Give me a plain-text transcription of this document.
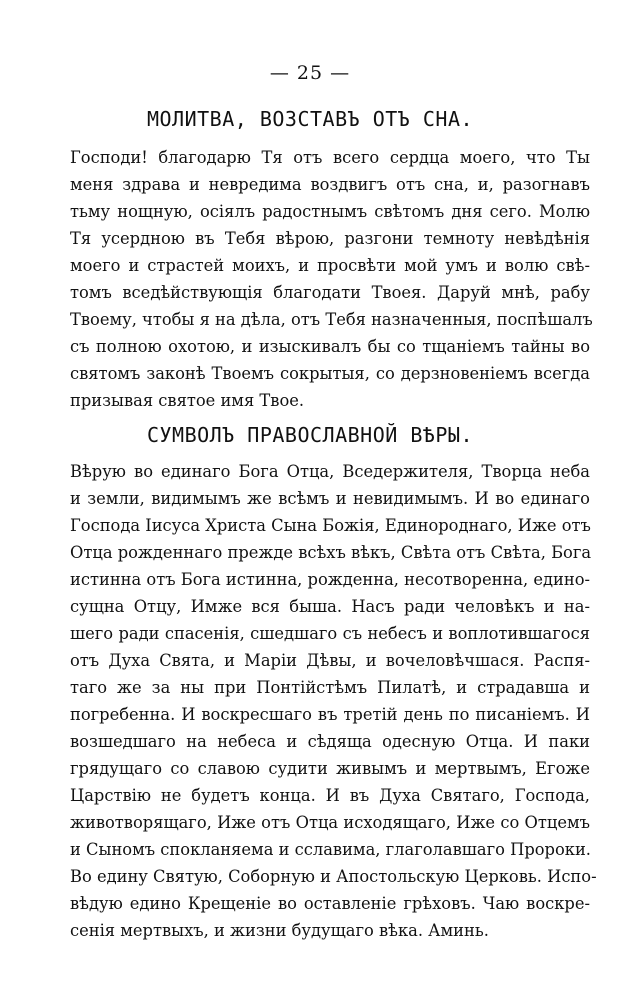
— 25 —
МОЛИТВА, ВОЗСТАВЪ ОТЪ СНА.
Господи! благодарю Тя отъ всего сердца моего, что Ты
меня здрава и невредима воздвигъ отъ сна, и, разогнавъ
тьму нощную, осіялъ радостнымъ свѣтомъ дня сего. Молю
Тя усердною въ Тебя вѣрою, разгони темноту невѣдѣнія
моего и страстей моихъ, и просвѣти мой умъ и волю свѣ-
томъ вседѣйствующія благодати Твоея. Даруй мнѣ, рабу
Твоему, чтобы я на дѣла, отъ Тебя назначенныя, поспѣшалъ
съ полною охотою, и изыскивалъ бы со тщаніемъ тайны во
святомъ законѣ Твоемъ сокрытыя, со дерзновеніемъ всегда
призывая святое имя Твое.
СУМВОЛЪ ПРАВОСЛАВНОЙ ВѢРЫ.
Вѣрую во единаго Бога Отца, Вседержителя, Творца неба
и земли, видимымъ же всѣмъ и невидимымъ. И во единаго
Господа Іисуса Христа Сына Божія, Единороднаго, Иже отъ
Отца рожденнаго прежде всѣхъ вѣкъ, Свѣта отъ Свѣта, Бога
истинна отъ Бога истинна, рожденна, несотворенна, едино-
сущна Отцу, Имже вся быша. Насъ ради человѣкъ и на-
шего ради спасенія, сшедшаго съ небесъ и воплотившагося
отъ Духа Свята, и Маріи Дѣвы, и вочеловѣчшася. Распя-
таго же за ны при Понтійстѣмъ Пилатѣ, и страдавша и
погребенна. И воскресшаго въ третій день по писаніемъ. И
возшедшаго на небеса и сѣдяща одесную Отца. И паки
грядущаго со славою судити живымъ и мертвымъ, Егоже
Царствію не будетъ конца. И въ Духа Святаго, Господа,
животворящаго, Иже отъ Отца исходящаго, Иже со Отцемъ
и Сыномъ спокланяема и сславима, глаголавшаго Пророки.
Во едину Святую, Соборную и Апостольскую Церковь. Испо-
вѣдую едино Крещеніе во оставленіе грѣховъ. Чаю воскре-
сенія мертвыхъ, и жизни будущаго вѣка. Аминь.
